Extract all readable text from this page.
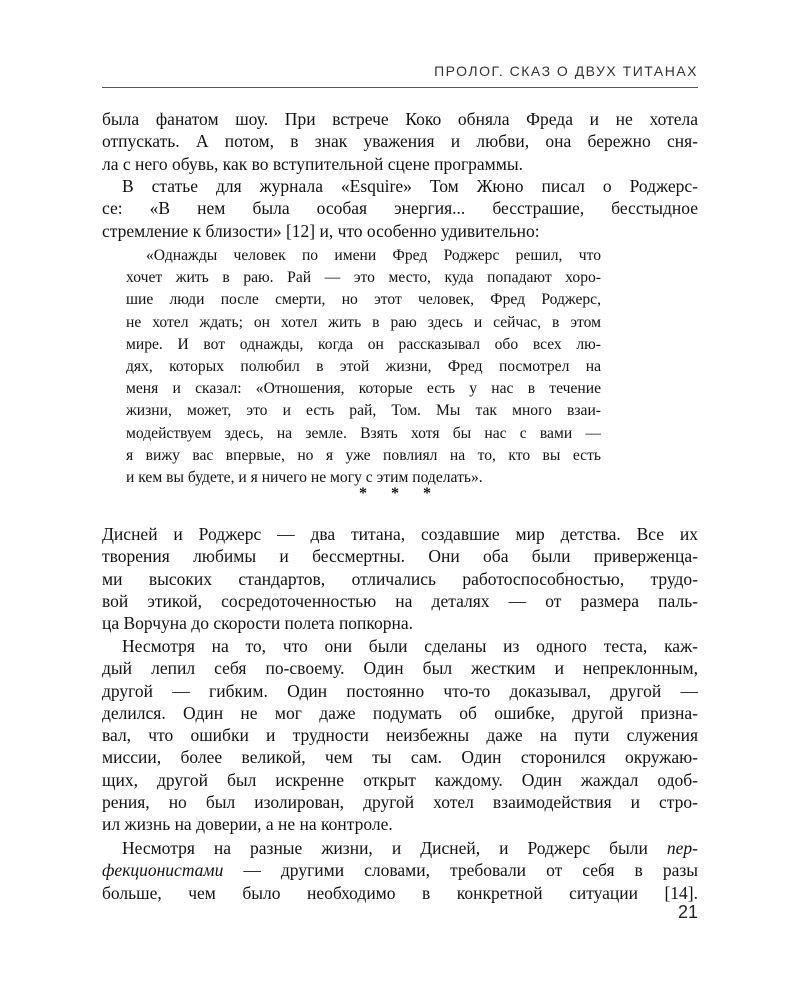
ПРОЛОГ. СКАЗ О ДВУХ ТИТАНАХ
была фанатом шоу. При встрече Коко обняла Фреда и не хотела
отпускать. А потом, в знак уважения и любви, она бережно сня-
ла с него обувь, как во вступительной сцене программы.
В статье для журнала «Esquire» Том Жюно писал о Роджерс-
се: «В нем была особая энергия... бесстрашие, бесстыдное
стремление к близости» [12] и, что особенно удивительно:
«Однажды человек по имени Фред Роджерс решил, что
хочет жить в раю. Рай — это место, куда попадают хоро-
шие люди после смерти, но этот человек, Фред Роджерс,
не хотел ждать; он хотел жить в раю здесь и сейчас, в этом
мире. И вот однажды, когда он рассказывал обо всех лю-
дях, которых полюбил в этой жизни, Фред посмотрел на
меня и сказал: «Отношения, которые есть у нас в течение
жизни, может, это и есть рай, Том. Мы так много взаи-
модействуем здесь, на земле. Взять хотя бы нас с вами —
я вижу вас впервые, но я уже повлиял на то, кто вы есть
и кем вы будете, и я ничего не могу с этим поделать».
* * *
Дисней и Роджерс — два титана, создавшие мир детства. Все их
творения любимы и бессмертны. Они оба были приверженца-
ми высоких стандартов, отличались работоспособностью, трудо-
вой этикой, сосредоточенностью на деталях — от размера паль-
ца Ворчуна до скорости полета попкорна.
Несмотря на то, что они были сделаны из одного теста, каж-
дый лепил себя по-своему. Один был жестким и непреклонным,
другой — гибким. Один постоянно что-то доказывал, другой —
делился. Один не мог даже подумать об ошибке, другой призна-
вал, что ошибки и трудности неизбежны даже на пути служения
миссии, более великой, чем ты сам. Один сторонился окружаю-
щих, другой был искренне открыт каждому. Один жаждал одоб-
рения, но был изолирован, другой хотел взаимодействия и стро-
ил жизнь на доверии, а не на контроле.
Несмотря на разные жизни, и Дисней, и Роджерс были пер-
фекционистами — другими словами, требовали от себя в разы
больше, чем было необходимо в конкретной ситуации [14].
21
